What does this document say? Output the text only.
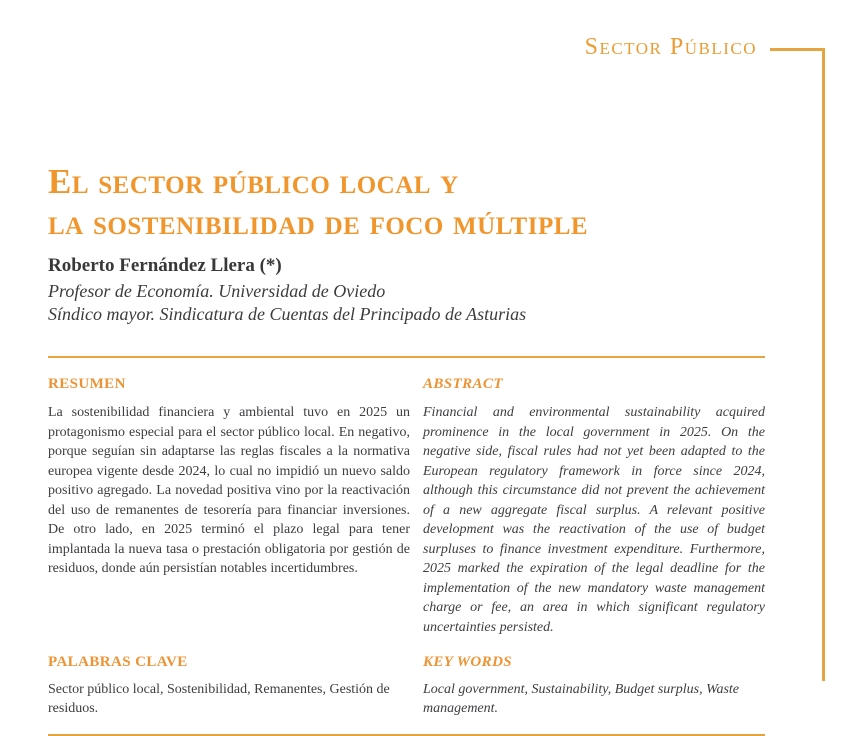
Sector Público
El sector público local y
la sostenibilidad de foco múltiple
Roberto Fernández Llera (*)
Profesor de Economía. Universidad de Oviedo
Síndico mayor. Sindicatura de Cuentas del Principado de Asturias
RESUMEN

La sostenibilidad financiera y ambiental tuvo en 2025 un protagonismo especial para el sector público local. En negativo, porque seguían sin adaptarse las reglas fiscales a la normativa europea vigente desde 2024, lo cual no impidió un nuevo saldo positivo agregado. La novedad positiva vino por la reactivación del uso de remanentes de tesorería para financiar inversiones. De otro lado, en 2025 terminó el plazo legal para tener implantada la nueva tasa o prestación obligatoria por gestión de residuos, donde aún persistían notables incertidumbres.

ABSTRACT

Financial and environmental sustainability acquired prominence in the local government in 2025. On the negative side, fiscal rules had not yet been adapted to the European regulatory framework in force since 2024, although this circumstance did not prevent the achievement of a new aggregate fiscal surplus. A relevant positive development was the reactivation of the use of budget surpluses to finance investment expenditure. Furthermore, 2025 marked the expiration of the legal deadline for the implementation of the new mandatory waste management charge or fee, an area in which significant regulatory uncertainties persisted.

PALABRAS CLAVE

Sector público local, Sostenibilidad, Remanentes, Gestión de residuos.

KEY WORDS

Local government, Sustainability, Budget surplus, Waste management.
